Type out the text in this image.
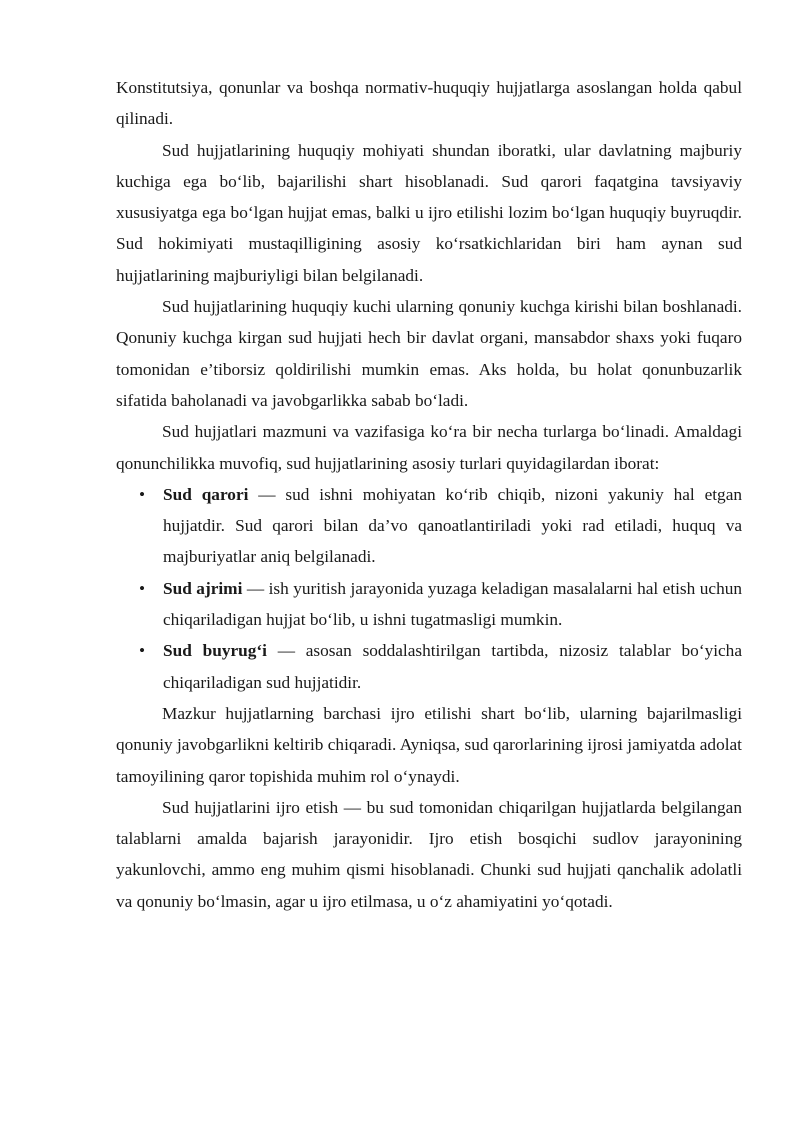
Konstitutsiya, qonunlar va boshqa normativ-huquqiy hujjatlarga asoslangan holda qabul qilinadi.

Sud hujjatlarining huquqiy mohiyati shundan iboratki, ular davlatning majburiy kuchiga ega boʻlib, bajarilishi shart hisoblanadi. Sud qarori faqatgina tavsiyaviy xususiyatga ega boʻlgan hujjat emas, balki u ijro etilishi lozim boʻlgan huquqiy buyruqdir. Sud hokimiyati mustaqilligining asosiy koʻrsatkichlaridan biri ham aynan sud hujjatlarining majburiyligi bilan belgilanadi.

Sud hujjatlarining huquqiy kuchi ularning qonuniy kuchga kirishi bilan boshlanadi. Qonuniy kuchga kirgan sud hujjati hech bir davlat organi, mansabdor shaxs yoki fuqaro tomonidan e’tiborsiz qoldirilishi mumkin emas. Aks holda, bu holat qonunbuzarlik sifatida baholanadi va javobgarlikka sabab boʻladi.

Sud hujjatlari mazmuni va vazifasiga koʻra bir necha turlarga boʻlinadi. Amaldagi qonunchilikka muvofiq, sud hujjatlarining asosiy turlari quyidagilardan iborat:

• Sud qarori — sud ishni mohiyatan koʻrib chiqib, nizoni yakuniy hal etgan hujjatdir. Sud qarori bilan da’vo qanoatlantiriladi yoki rad etiladi, huquq va majburiyatlar aniq belgilanadi.
• Sud ajrimi — ish yuritish jarayonida yuzaga keladigan masalalarni hal etish uchun chiqariladigan hujjat boʻlib, u ishni tugatmasligi mumkin.
• Sud buyrugʻi — asosan soddalashtirilgan tartibda, nizosiz talablar boʻyicha chiqariladigan sud hujjatidir.

Mazkur hujjatlarning barchasi ijro etilishi shart boʻlib, ularning bajarilmasligi qonuniy javobgarlikni keltirib chiqaradi. Ayniqsa, sud qarorlarining ijrosi jamiyatda adolat tamoyilining qaror topishida muhim rol oʻynaydi.

Sud hujjatlarini ijro etish — bu sud tomonidan chiqarilgan hujjatlarda belgilangan talablarni amalda bajarish jarayonidir. Ijro etish bosqichi sudlov jarayonining yakunlovchi, ammo eng muhim qismi hisoblanadi. Chunki sud hujjati qanchalik adolatli va qonuniy boʻlmasin, agar u ijro etilmasa, u oʻz ahamiyatini yoʻqotadi.
